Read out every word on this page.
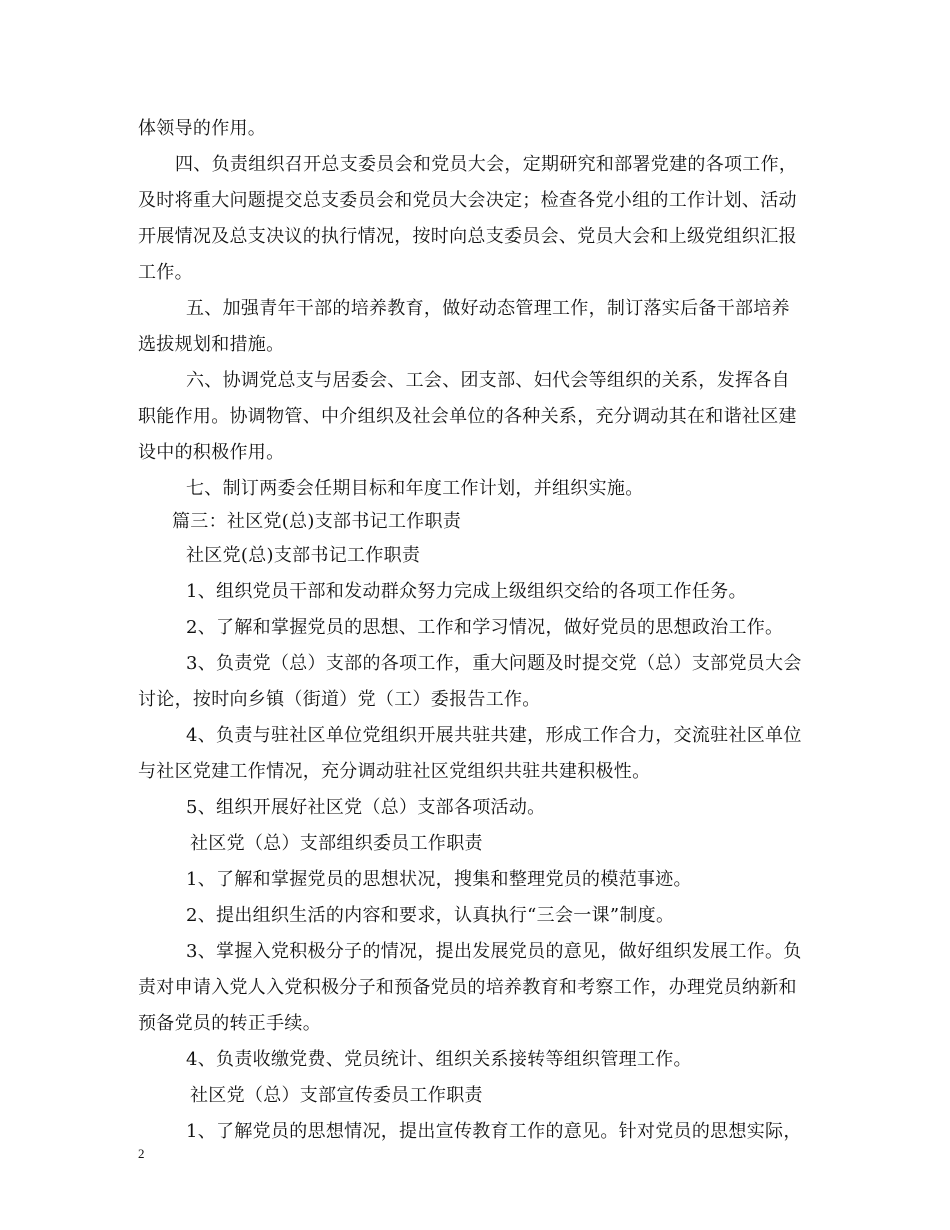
体领导的作用。
四、负责组织召开总支委员会和党员大会，定期研究和部署党建的各项工作，
及时将重大问题提交总支委员会和党员大会决定；检查各党小组的工作计划、活动
开展情况及总支决议的执行情况，按时向总支委员会、党员大会和上级党组织汇报
工作。
五、加强青年干部的培养教育，做好动态管理工作，制订落实后备干部培养
选拔规划和措施。
六、协调党总支与居委会、工会、团支部、妇代会等组织的关系，发挥各自
职能作用。协调物管、中介组织及社会单位的各种关系，充分调动其在和谐社区建
设中的积极作用。
七、制订两委会任期目标和年度工作计划，并组织实施。
篇三：社区党(总)支部书记工作职责
社区党(总)支部书记工作职责
1、组织党员干部和发动群众努力完成上级组织交给的各项工作任务。
2、了解和掌握党员的思想、工作和学习情况，做好党员的思想政治工作。
3、负责党（总）支部的各项工作，重大问题及时提交党（总）支部党员大会
讨论，按时向乡镇（街道）党（工）委报告工作。
4、负责与驻社区单位党组织开展共驻共建，形成工作合力，交流驻社区单位
与社区党建工作情况，充分调动驻社区党组织共驻共建积极性。
5、组织开展好社区党（总）支部各项活动。
社区党（总）支部组织委员工作职责
1、了解和掌握党员的思想状况，搜集和整理党员的模范事迹。
2、提出组织生活的内容和要求，认真执行“三会一课”制度。
3、掌握入党积极分子的情况，提出发展党员的意见，做好组织发展工作。负
责对申请入党人入党积极分子和预备党员的培养教育和考察工作，办理党员纳新和
预备党员的转正手续。
4、负责收缴党费、党员统计、组织关系接转等组织管理工作。
社区党（总）支部宣传委员工作职责
1、了解党员的思想情况，提出宣传教育工作的意见。针对党员的思想实际，
2
